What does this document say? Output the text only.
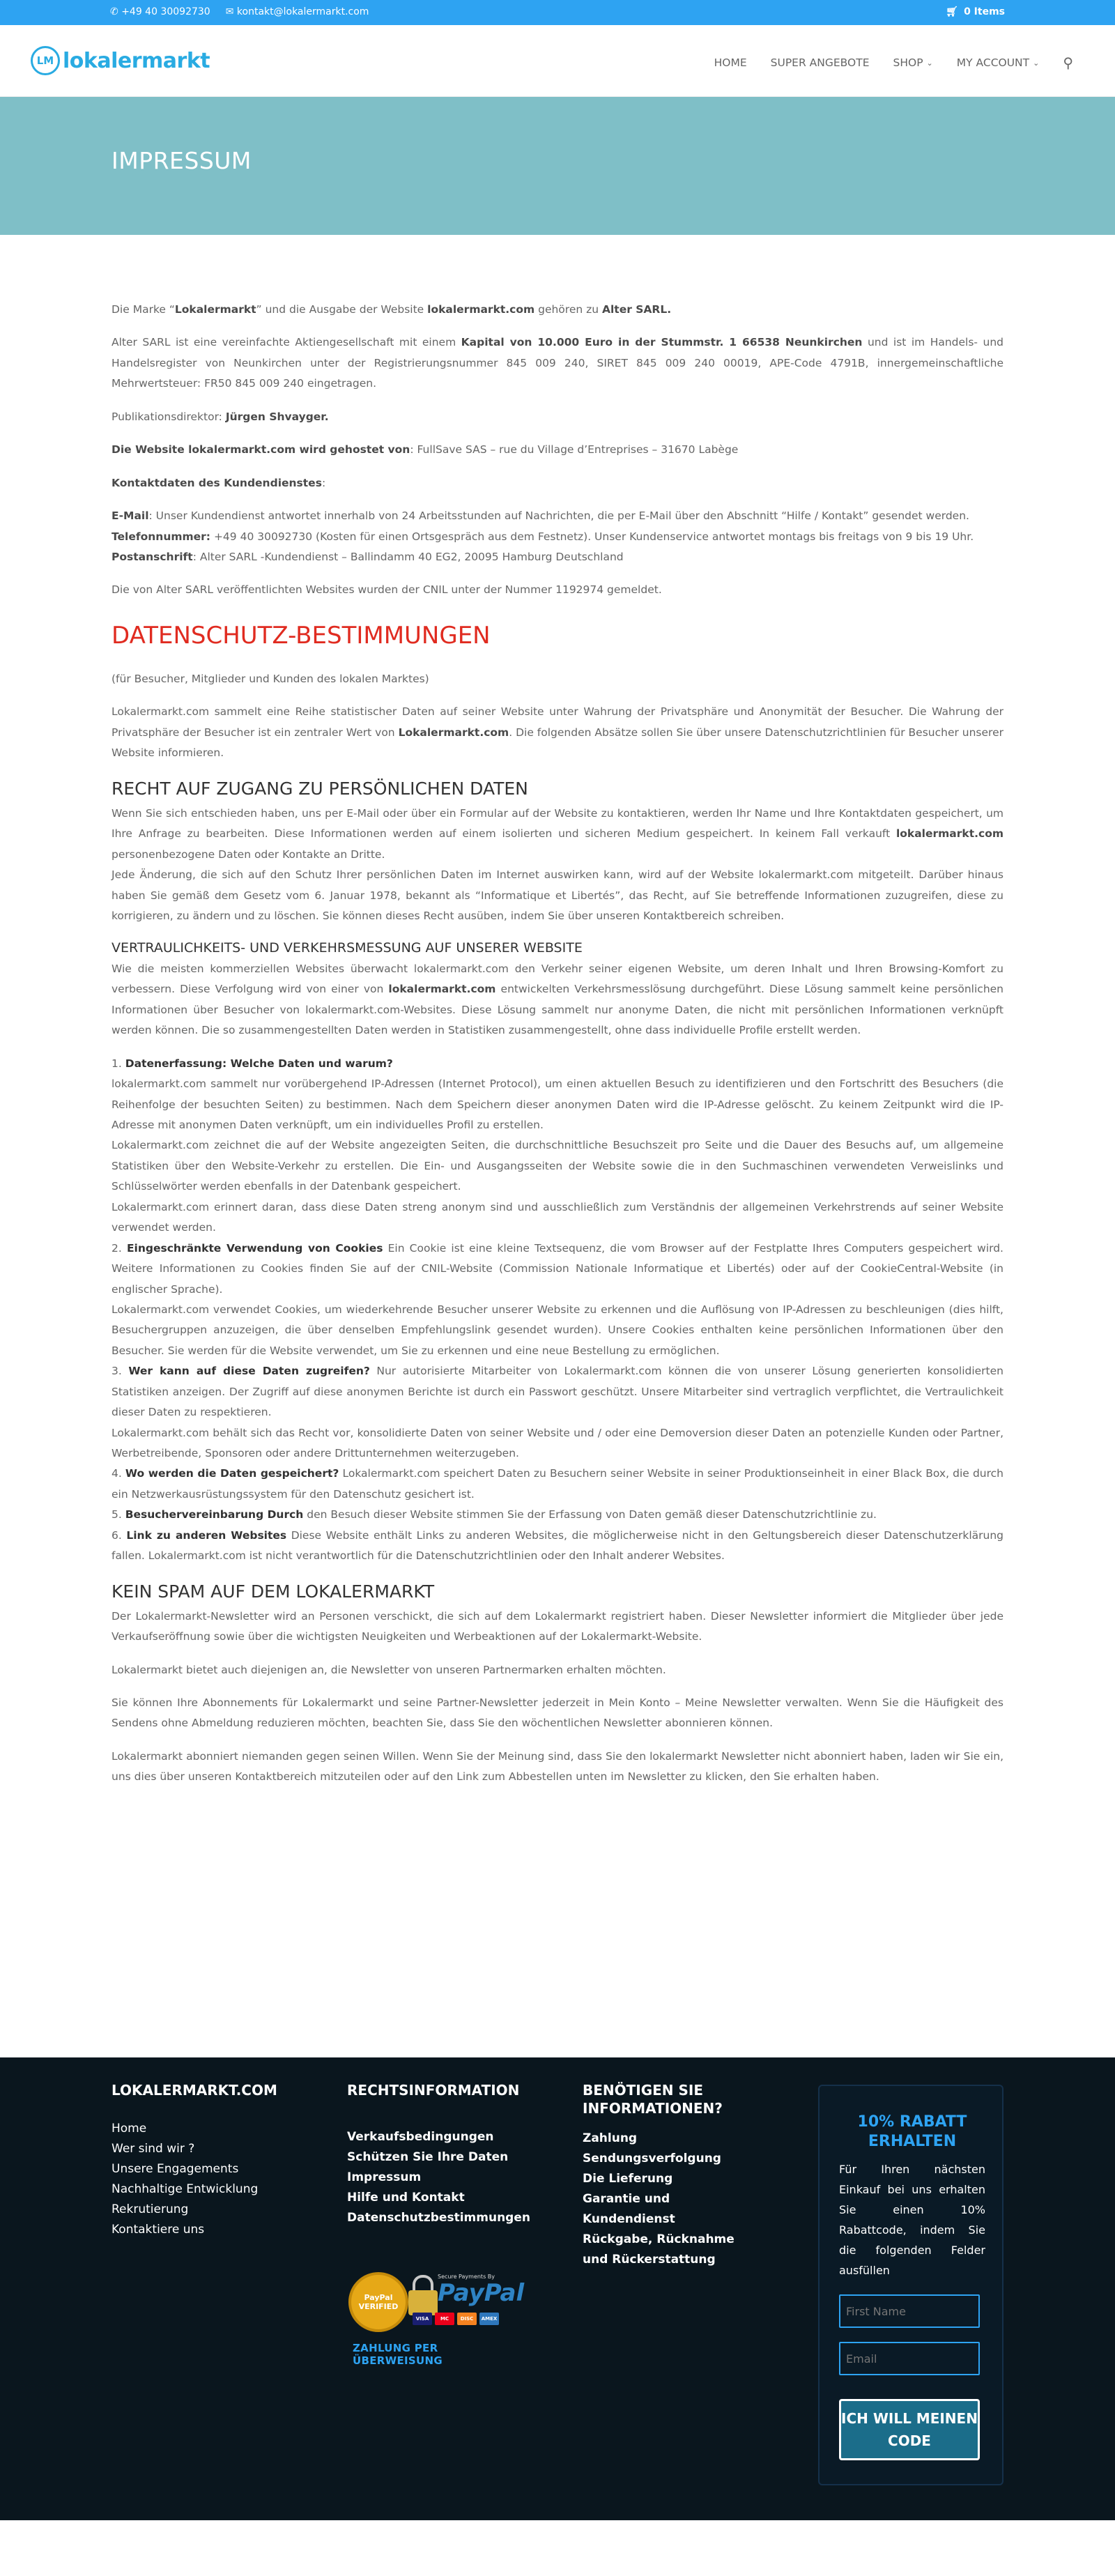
✆ +49 40 30092730 ✉ kontakt@lokalermarkt.com	🛒︎ 0 Items
LM lokalermarkt	HOME SUPER ANGEBOTE SHOP ⌄ MY ACCOUNT ⌄ ⚲
IMPRESSUM

Die Marke “Lokalermarkt” und die Ausgabe der Website lokalermarkt.com gehören zu Alter SARL.

Alter SARL ist eine vereinfachte Aktiengesellschaft mit einem Kapital von 10.000 Euro in der Stummstr. 1 66538 Neunkirchen und ist im Handels- und Handelsregister von Neunkirchen unter der Registrierungsnummer 845 009 240, SIRET 845 009 240 00019, APE-Code 4791B, innergemeinschaftliche Mehrwertsteuer: FR50 845 009 240 eingetragen.

Publikationsdirektor: Jürgen Shvayger.

Die Website lokalermarkt.com wird gehostet von: FullSave SAS – rue du Village d’Entreprises – 31670 Labège

Kontaktdaten des Kundendienstes:

E-Mail: Unser Kundendienst antwortet innerhalb von 24 Arbeitsstunden auf Nachrichten, die per E-Mail über den Abschnitt “Hilfe / Kontakt” gesendet werden.

Telefonnummer: +49 40 30092730 (Kosten für einen Ortsgespräch aus dem Festnetz). Unser Kundenservice antwortet montags bis freitags von 9 bis 19 Uhr.

Postanschrift: Alter SARL -Kundendienst – Ballindamm 40 EG2, 20095 Hamburg Deutschland

Die von Alter SARL veröffentlichten Websites wurden der CNIL unter der Nummer 1192974 gemeldet.

DATENSCHUTZ-BESTIMMUNGEN

(für Besucher, Mitglieder und Kunden des lokalen Marktes)

Lokalermarkt.com sammelt eine Reihe statistischer Daten auf seiner Website unter Wahrung der Privatsphäre und Anonymität der Besucher. Die Wahrung der Privatsphäre der Besucher ist ein zentraler Wert von Lokalermarkt.com. Die folgenden Absätze sollen Sie über unsere Datenschutzrichtlinien für Besucher unserer Website informieren.

RECHT AUF ZUGANG ZU PERSÖNLICHEN DATEN

Wenn Sie sich entschieden haben, uns per E-Mail oder über ein Formular auf der Website zu kontaktieren, werden Ihr Name und Ihre Kontaktdaten gespeichert, um Ihre Anfrage zu bearbeiten. Diese Informationen werden auf einem isolierten und sicheren Medium gespeichert. In keinem Fall verkauft lokalermarkt.com personenbezogene Daten oder Kontakte an Dritte.

Jede Änderung, die sich auf den Schutz Ihrer persönlichen Daten im Internet auswirken kann, wird auf der Website lokalermarkt.com mitgeteilt. Darüber hinaus haben Sie gemäß dem Gesetz vom 6. Januar 1978, bekannt als “Informatique et Libertés”, das Recht, auf Sie betreffende Informationen zuzugreifen, diese zu korrigieren, zu ändern und zu löschen. Sie können dieses Recht ausüben, indem Sie über unseren Kontaktbereich schreiben.

VERTRAULICHKEITS- UND VERKEHRSMESSUNG AUF UNSERER WEBSITE

Wie die meisten kommerziellen Websites überwacht lokalermarkt.com den Verkehr seiner eigenen Website, um deren Inhalt und Ihren Browsing-Komfort zu verbessern. Diese Verfolgung wird von einer von lokalermarkt.com entwickelten Verkehrsmesslösung durchgeführt. Diese Lösung sammelt keine persönlichen Informationen über Besucher von lokalermarkt.com-Websites. Diese Lösung sammelt nur anonyme Daten, die nicht mit persönlichen Informationen verknüpft werden können. Die so zusammengestellten Daten werden in Statistiken zusammengestellt, ohne dass individuelle Profile erstellt werden.

1. Datenerfassung: Welche Daten und warum?

lokalermarkt.com sammelt nur vorübergehend IP-Adressen (Internet Protocol), um einen aktuellen Besuch zu identifizieren und den Fortschritt des Besuchers (die Reihenfolge der besuchten Seiten) zu bestimmen. Nach dem Speichern dieser anonymen Daten wird die IP-Adresse gelöscht. Zu keinem Zeitpunkt wird die IP-Adresse mit anonymen Daten verknüpft, um ein individuelles Profil zu erstellen.

Lokalermarkt.com zeichnet die auf der Website angezeigten Seiten, die durchschnittliche Besuchszeit pro Seite und die Dauer des Besuchs auf, um allgemeine Statistiken über den Website-Verkehr zu erstellen. Die Ein- und Ausgangsseiten der Website sowie die in den Suchmaschinen verwendeten Verweislinks und Schlüsselwörter werden ebenfalls in der Datenbank gespeichert.

Lokalermarkt.com erinnert daran, dass diese Daten streng anonym sind und ausschließlich zum Verständnis der allgemeinen Verkehrstrends auf seiner Website verwendet werden.

2. Eingeschränkte Verwendung von Cookies Ein Cookie ist eine kleine Textsequenz, die vom Browser auf der Festplatte Ihres Computers gespeichert wird. Weitere Informationen zu Cookies finden Sie auf der CNIL-Website (Commission Nationale Informatique et Libertés) oder auf der CookieCentral-Website (in englischer Sprache).

Lokalermarkt.com verwendet Cookies, um wiederkehrende Besucher unserer Website zu erkennen und die Auflösung von IP-Adressen zu beschleunigen (dies hilft, Besuchergruppen anzuzeigen, die über denselben Empfehlungslink gesendet wurden). Unsere Cookies enthalten keine persönlichen Informationen über den Besucher. Sie werden für die Website verwendet, um Sie zu erkennen und eine neue Bestellung zu ermöglichen.

3. Wer kann auf diese Daten zugreifen? Nur autorisierte Mitarbeiter von Lokalermarkt.com können die von unserer Lösung generierten konsolidierten Statistiken anzeigen. Der Zugriff auf diese anonymen Berichte ist durch ein Passwort geschützt. Unsere Mitarbeiter sind vertraglich verpflichtet, die Vertraulichkeit dieser Daten zu respektieren.

Lokalermarkt.com behält sich das Recht vor, konsolidierte Daten von seiner Website und / oder eine Demoversion dieser Daten an potenzielle Kunden oder Partner, Werbetreibende, Sponsoren oder andere Drittunternehmen weiterzugeben.

4. Wo werden die Daten gespeichert? Lokalermarkt.com speichert Daten zu Besuchern seiner Website in seiner Produktionseinheit in einer Black Box, die durch ein Netzwerkausrüstungssystem für den Datenschutz gesichert ist.

5. Besuchervereinbarung Durch den Besuch dieser Website stimmen Sie der Erfassung von Daten gemäß dieser Datenschutzrichtlinie zu.

6. Link zu anderen Websites Diese Website enthält Links zu anderen Websites, die möglicherweise nicht in den Geltungsbereich dieser Datenschutzerklärung fallen. Lokalermarkt.com ist nicht verantwortlich für die Datenschutzrichtlinien oder den Inhalt anderer Websites.

KEIN SPAM AUF DEM LOKALERMARKT

Der Lokalermarkt-Newsletter wird an Personen verschickt, die sich auf dem Lokalermarkt registriert haben. Dieser Newsletter informiert die Mitglieder über jede Verkaufseröffnung sowie über die wichtigsten Neuigkeiten und Werbeaktionen auf der Lokalermarkt-Website.

Lokalermarkt bietet auch diejenigen an, die Newsletter von unseren Partnermarken erhalten möchten.

Sie können Ihre Abonnements für Lokalermarkt und seine Partner-Newsletter jederzeit in Mein Konto – Meine Newsletter verwalten. Wenn Sie die Häufigkeit des Sendens ohne Abmeldung reduzieren möchten, beachten Sie, dass Sie den wöchentlichen Newsletter abonnieren können.

Lokalermarkt abonniert niemanden gegen seinen Willen. Wenn Sie der Meinung sind, dass Sie den lokalermarkt Newsletter nicht abonniert haben, laden wir Sie ein, uns dies über unseren Kontaktbereich mitzuteilen oder auf den Link zum Abbestellen unten im Newsletter zu klicken, den Sie erhalten haben.

LOKALERMARKT.COM
Home
Wer sind wir ?
Unsere Engagements
Nachhaltige Entwicklung
Rekrutierung
Kontaktiere uns
RECHTSINFORMATION
Verkaufsbedingungen
Schützen Sie Ihre Daten
Impressum
Hilfe und Kontakt
Datenschutzbestimmungen
PayPal VERIFIED
Secure Payments By
PayPal
VISA	MC	DISC	AMEX
ZAHLUNG PER ÜBERWEISUNG
BENÖTIGEN SIE INFORMATIONEN?
Zahlung
Sendungsverfolgung
Die Lieferung
Garantie und Kundendienst
Rückgabe, Rücknahme und Rückerstattung
10% RABATT ERHALTEN

Für Ihren nächsten Einkauf bei uns erhalten Sie einen 10% Rabattcode, indem Sie die folgenden Felder ausfüllen

First Name
Email
ICH WILL MEINEN CODE
